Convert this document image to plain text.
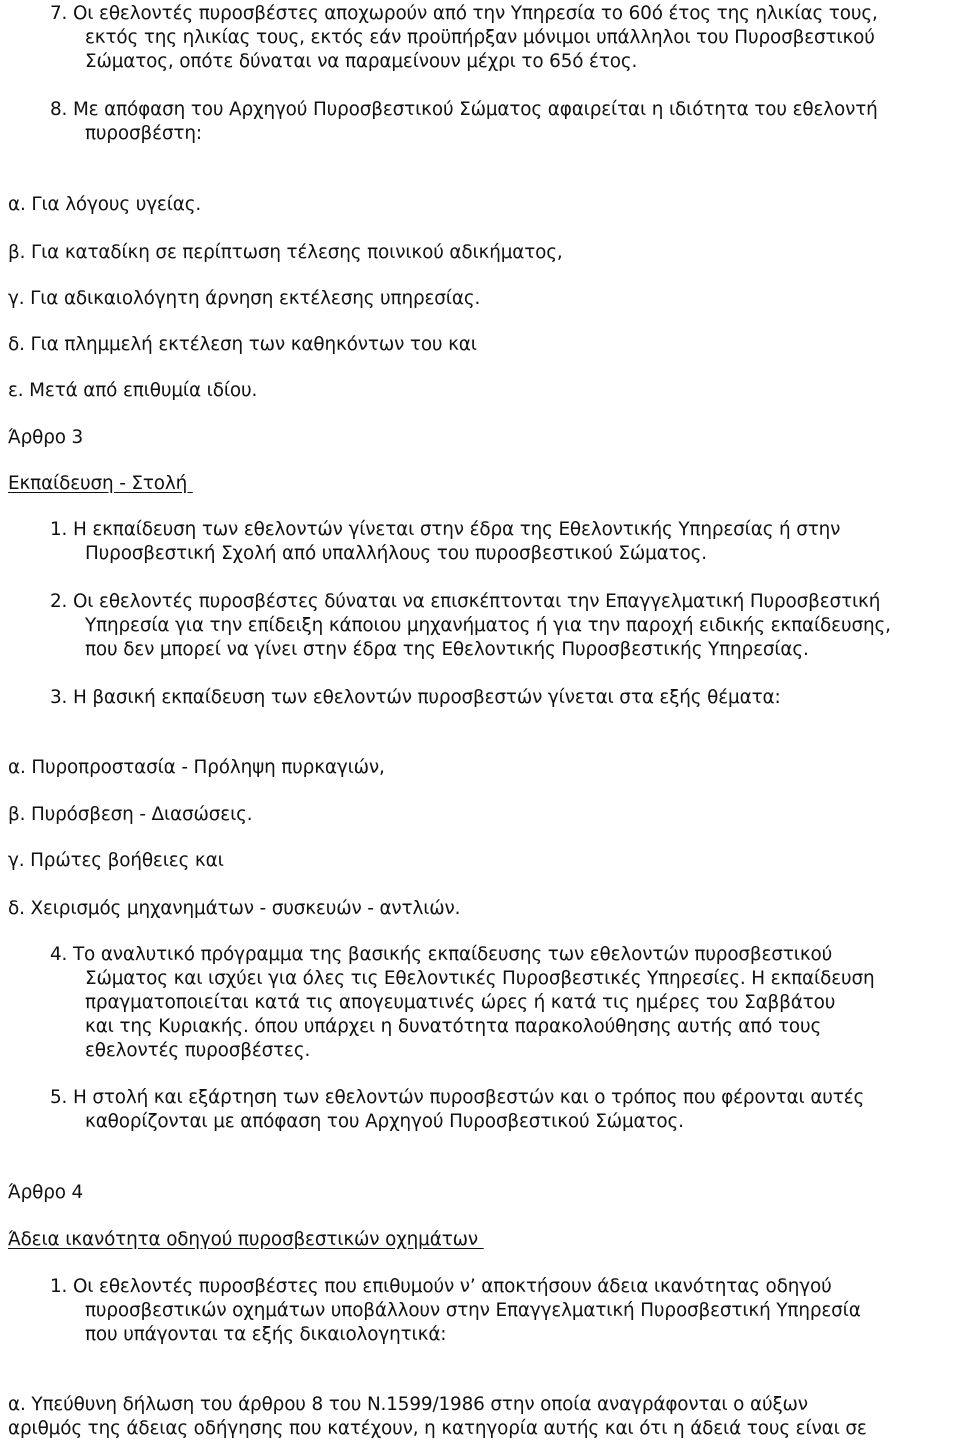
7. Οι εθελοντές πυροσβέστες αποχωρούν από την Υπηρεσία το 60ό έτος της ηλικίας τους,

εκτός της ηλικίας τους, εκτός εάν προϋπήρξαν μόνιμοι υπάλληλοι του Πυροσβεστικού

Σώματος, οπότε δύναται να παραμείνουν μέχρι το 65ό έτος.

8. Με απόφαση του Αρχηγού Πυροσβεστικού Σώματος αφαιρείται η ιδιότητα του εθελοντή

πυροσβέστη:

α. Για λόγους υγείας.

β. Για καταδίκη σε περίπτωση τέλεσης ποινικού αδικήματος,

γ. Για αδικαιολόγητη άρνηση εκτέλεσης υπηρεσίας.

δ. Για πλημμελή εκτέλεση των καθηκόντων του και

ε. Μετά από επιθυμία ιδίου.

Άρθρο 3

Εκπαίδευση - Στολή

1. Η εκπαίδευση των εθελοντών γίνεται στην έδρα της Εθελοντικής Υπηρεσίας ή στην

Πυροσβεστική Σχολή από υπαλλήλους του πυροσβεστικού Σώματος.

2. Οι εθελοντές πυροσβέστες δύναται να επισκέπτονται την Επαγγελματική Πυροσβεστική

Υπηρεσία για την επίδειξη κάποιου μηχανήματος ή για την παροχή ειδικής εκπαίδευσης,

που δεν μπορεί να γίνει στην έδρα της Εθελοντικής Πυροσβεστικής Υπηρεσίας.

3. Η βασική εκπαίδευση των εθελοντών πυροσβεστών γίνεται στα εξής θέματα:

α. Πυροπροστασία - Πρόληψη πυρκαγιών,

β. Πυρόσβεση - Διασώσεις.

γ. Πρώτες βοήθειες και

δ. Χειρισμός μηχανημάτων - συσκευών - αντλιών.

4. Το αναλυτικό πρόγραμμα της βασικής εκπαίδευσης των εθελοντών πυροσβεστικού

Σώματος και ισχύει για όλες τις Εθελοντικές Πυροσβεστικές Υπηρεσίες. Η εκπαίδευση

πραγματοποιείται κατά τις απογευματινές ώρες ή κατά τις ημέρες του Σαββάτου

και της Κυριακής. όπου υπάρχει η δυνατότητα παρακολούθησης αυτής από τους

εθελοντές πυροσβέστες.

5. Η στολή και εξάρτηση των εθελοντών πυροσβεστών και ο τρόπος που φέρονται αυτές

καθορίζονται με απόφαση του Αρχηγού Πυροσβεστικού Σώματος.

Άρθρο 4

Άδεια ικανότητα οδηγού πυροσβεστικών οχημάτων

1. Οι εθελοντές πυροσβέστες που επιθυμούν ν’ αποκτήσουν άδεια ικανότητας οδηγού

πυροσβεστικών οχημάτων υποβάλλουν στην Επαγγελματική Πυροσβεστική Υπηρεσία

που υπάγονται τα εξής δικαιολογητικά:

α. Υπεύθυνη δήλωση του άρθρου 8 του Ν.1599/1986 στην οποία αναγράφονται ο αύξων

αριθμός της άδειας οδήγησης που κατέχουν, η κατηγορία αυτής και ότι η άδειά τους είναι σε
